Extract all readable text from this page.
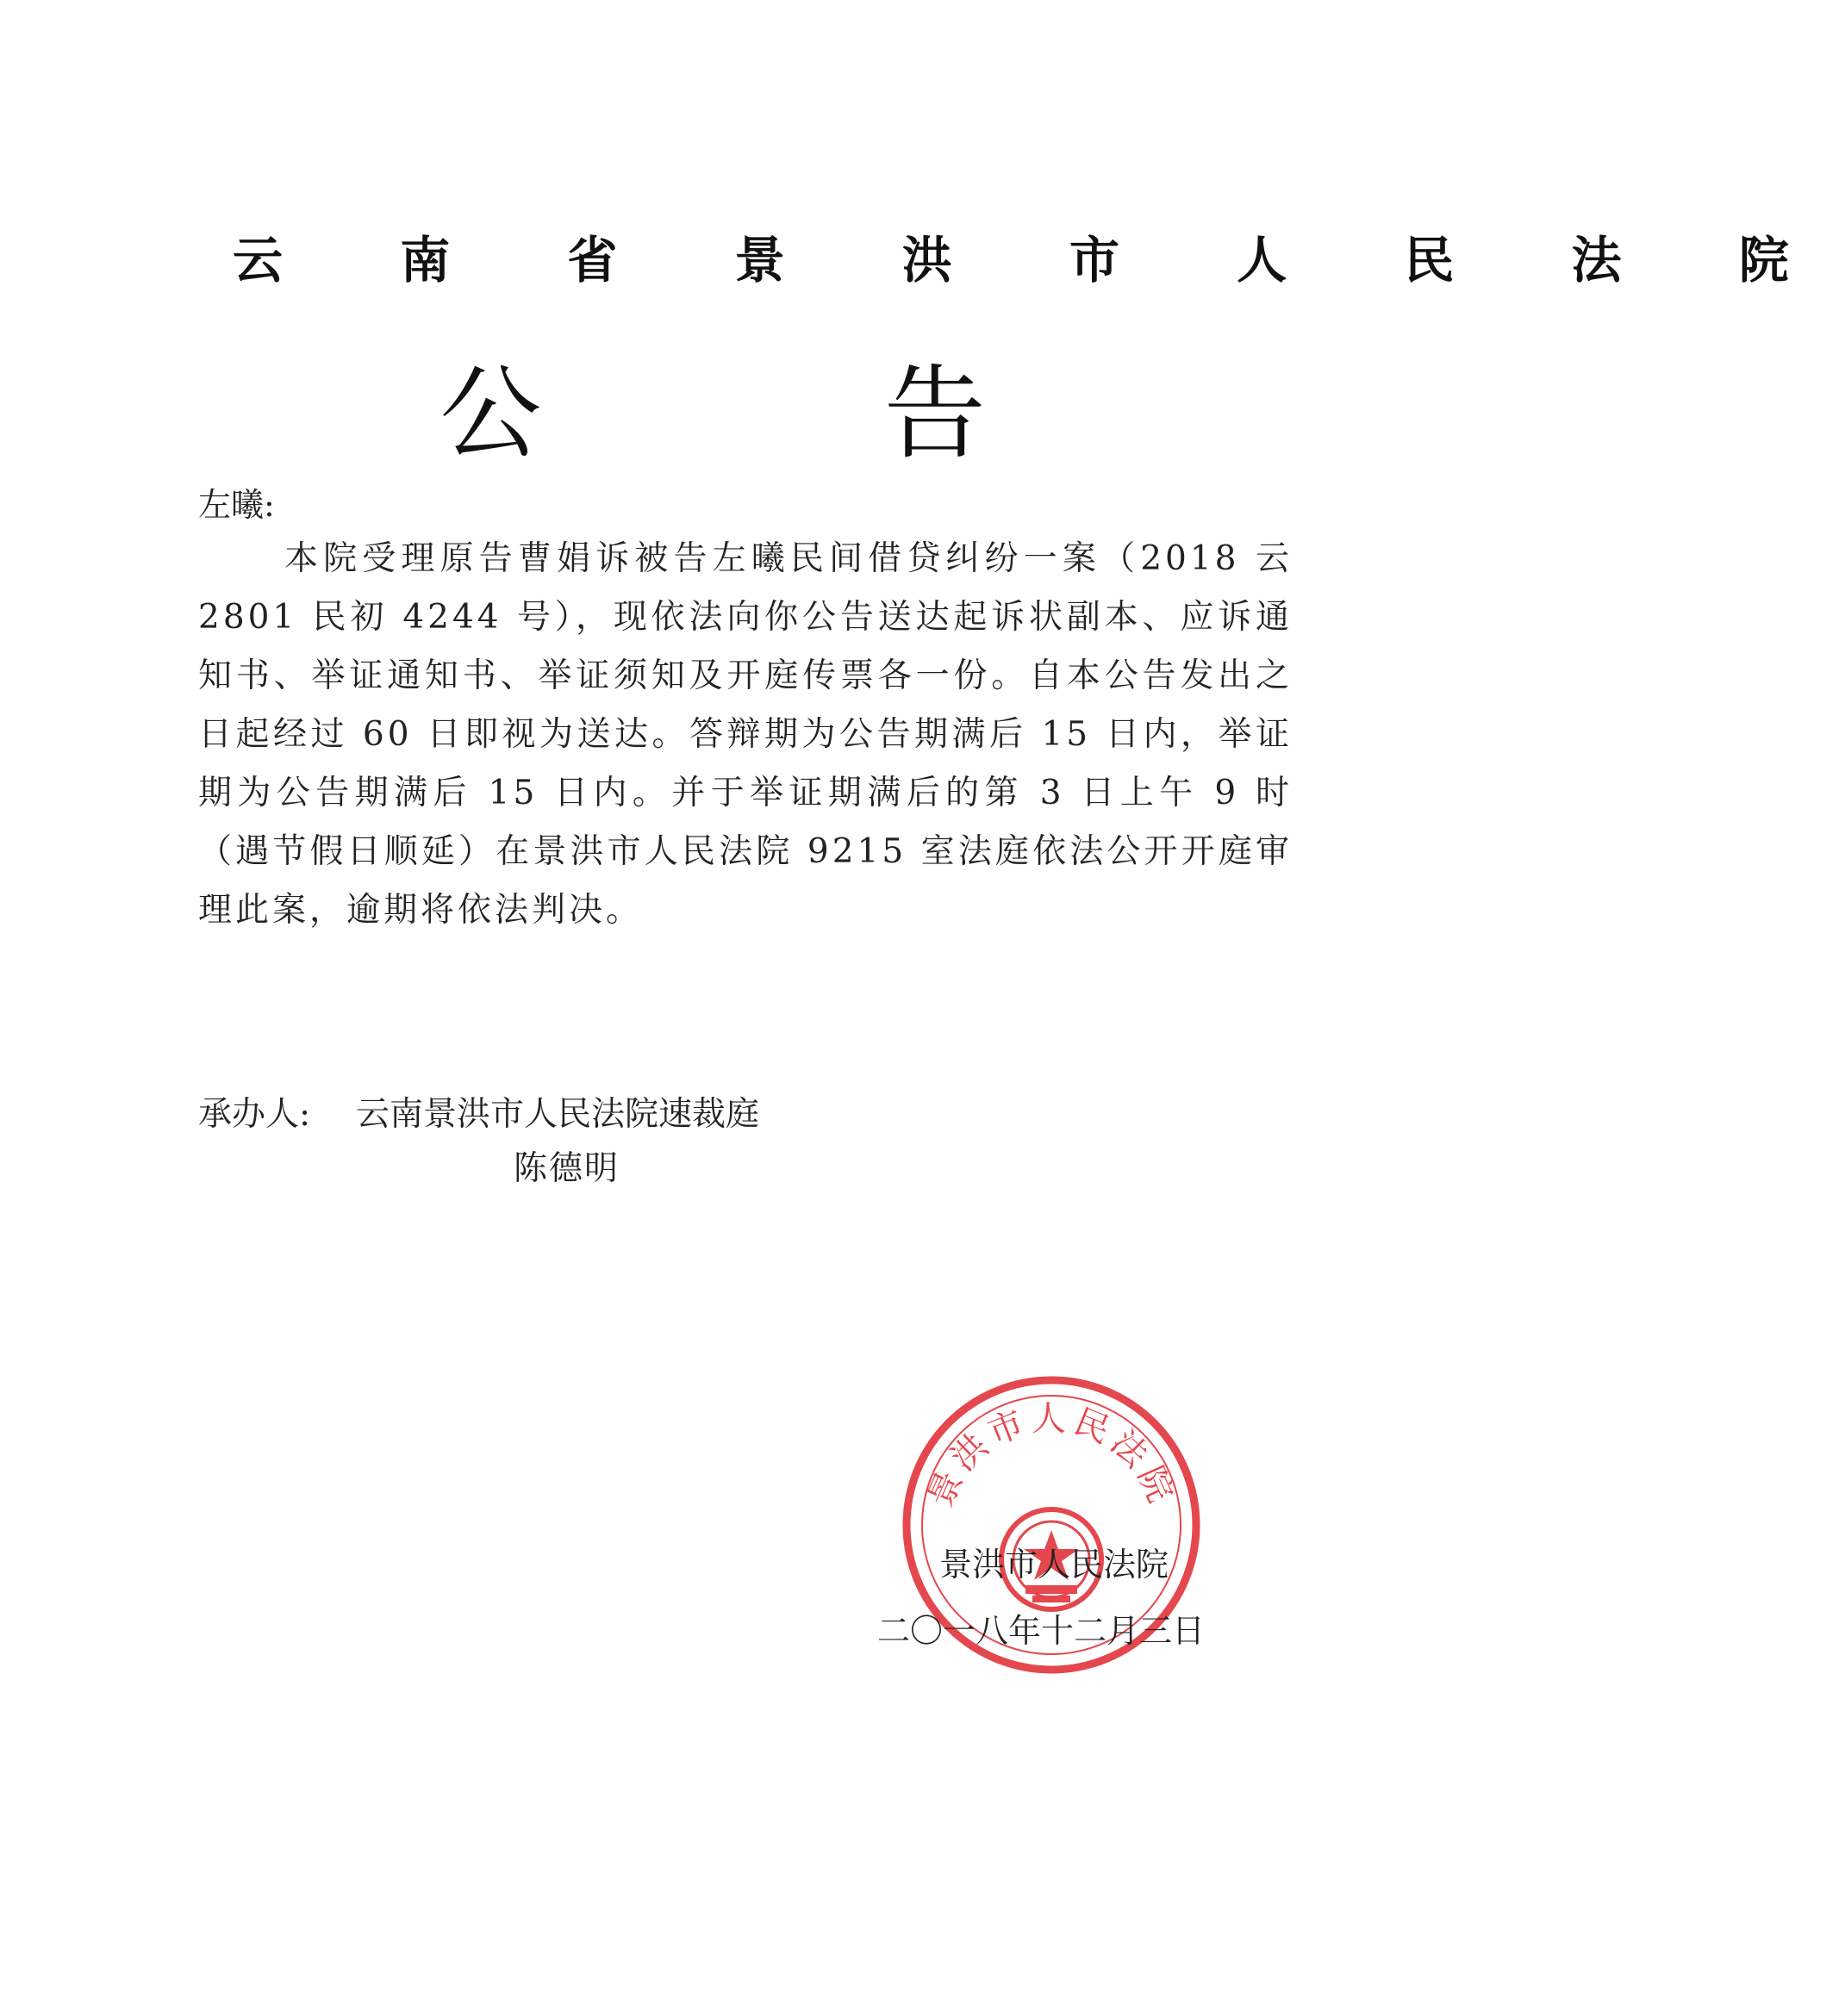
云 南 省 景 洪 市 人 民 法 院
公 告
左曦:
本院受理原告曹娟诉被告左曦民间借贷纠纷一案（2018 云 2801 民初 4244 号），现依法向你公告送达起诉状副本、应诉通知书、举证通知书、举证须知及开庭传票各一份。自本公告发出之日起经过 60 日即视为送达。答辩期为公告期满后 15 日内，举证期为公告期满后 15 日内。并于举证期满后的第 3 日上午 9 时（遇节假日顺延）在景洪市人民法院 9215 室法庭依法公开开庭审理此案，逾期将依法判决。
承办人: 云南景洪市人民法院速裁庭
陈德明
景洪市人民法院
景洪市人民法院
二〇一八年十二月三日
